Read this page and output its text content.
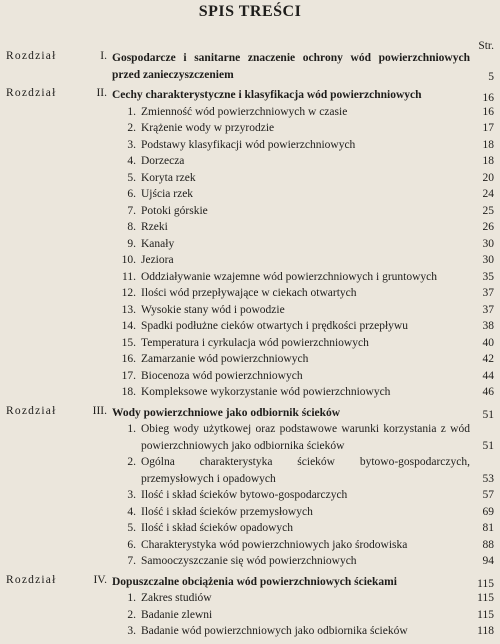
SPIS TREŚCI
Str.
Rozdział	I. Gospodarcze i sanitarne znaczenie ochrony wód powierzchniowych przed zanieczyszczeniem	5
Rozdział	II. Cechy charakterystyczne i klasyfikacja wód powierzchniowych	16
1. Zmienność wód powierzchniowych w czasie	16
2. Krążenie wody w przyrodzie	17
3. Podstawy klasyfikacji wód powierzchniowych	18
4. Dorzecza	18
5. Koryta rzek	20
6. Ujścia rzek	24
7. Potoki górskie	25
8. Rzeki	26
9. Kanały	30
10. Jeziora	30
11. Oddziaływanie wzajemne wód powierzchniowych i gruntowych	35
12. Ilości wód przepływające w ciekach otwartych	37
13. Wysokie stany wód i powodzie	37
14. Spadki podłużne cieków otwartych i prędkości przepływu	38
15. Temperatura i cyrkulacja wód powierzchniowych	40
16. Zamarzanie wód powierzchniowych	42
17. Biocenoza wód powierzchniowych	44
18. Kompleksowe wykorzystanie wód powierzchniowych	46
Rozdział	III. Wody powierzchniowe jako odbiornik ścieków	51
1. Obieg wody użytkowej oraz podstawowe warunki korzystania z wód powierzchniowych jako odbiornika ścieków	51
2. Ogólna charakterystyka ścieków bytowo-gospodarczych, przemysłowych i opadowych	53
3. Ilość i skład ścieków bytowo-gospodarczych	57
4. Ilość i skład ścieków przemysłowych	69
5. Ilość i skład ścieków opadowych	81
6. Charakterystyka wód powierzchniowych jako środowiska	88
7. Samooczyszczanie się wód powierzchniowych	94
Rozdział	IV. Dopuszczalne obciążenia wód powierzchniowych ściekami	115
1. Zakres studiów	115
2. Badanie zlewni	115
3. Badanie wód powierzchniowych jako odbiornika ścieków	118
